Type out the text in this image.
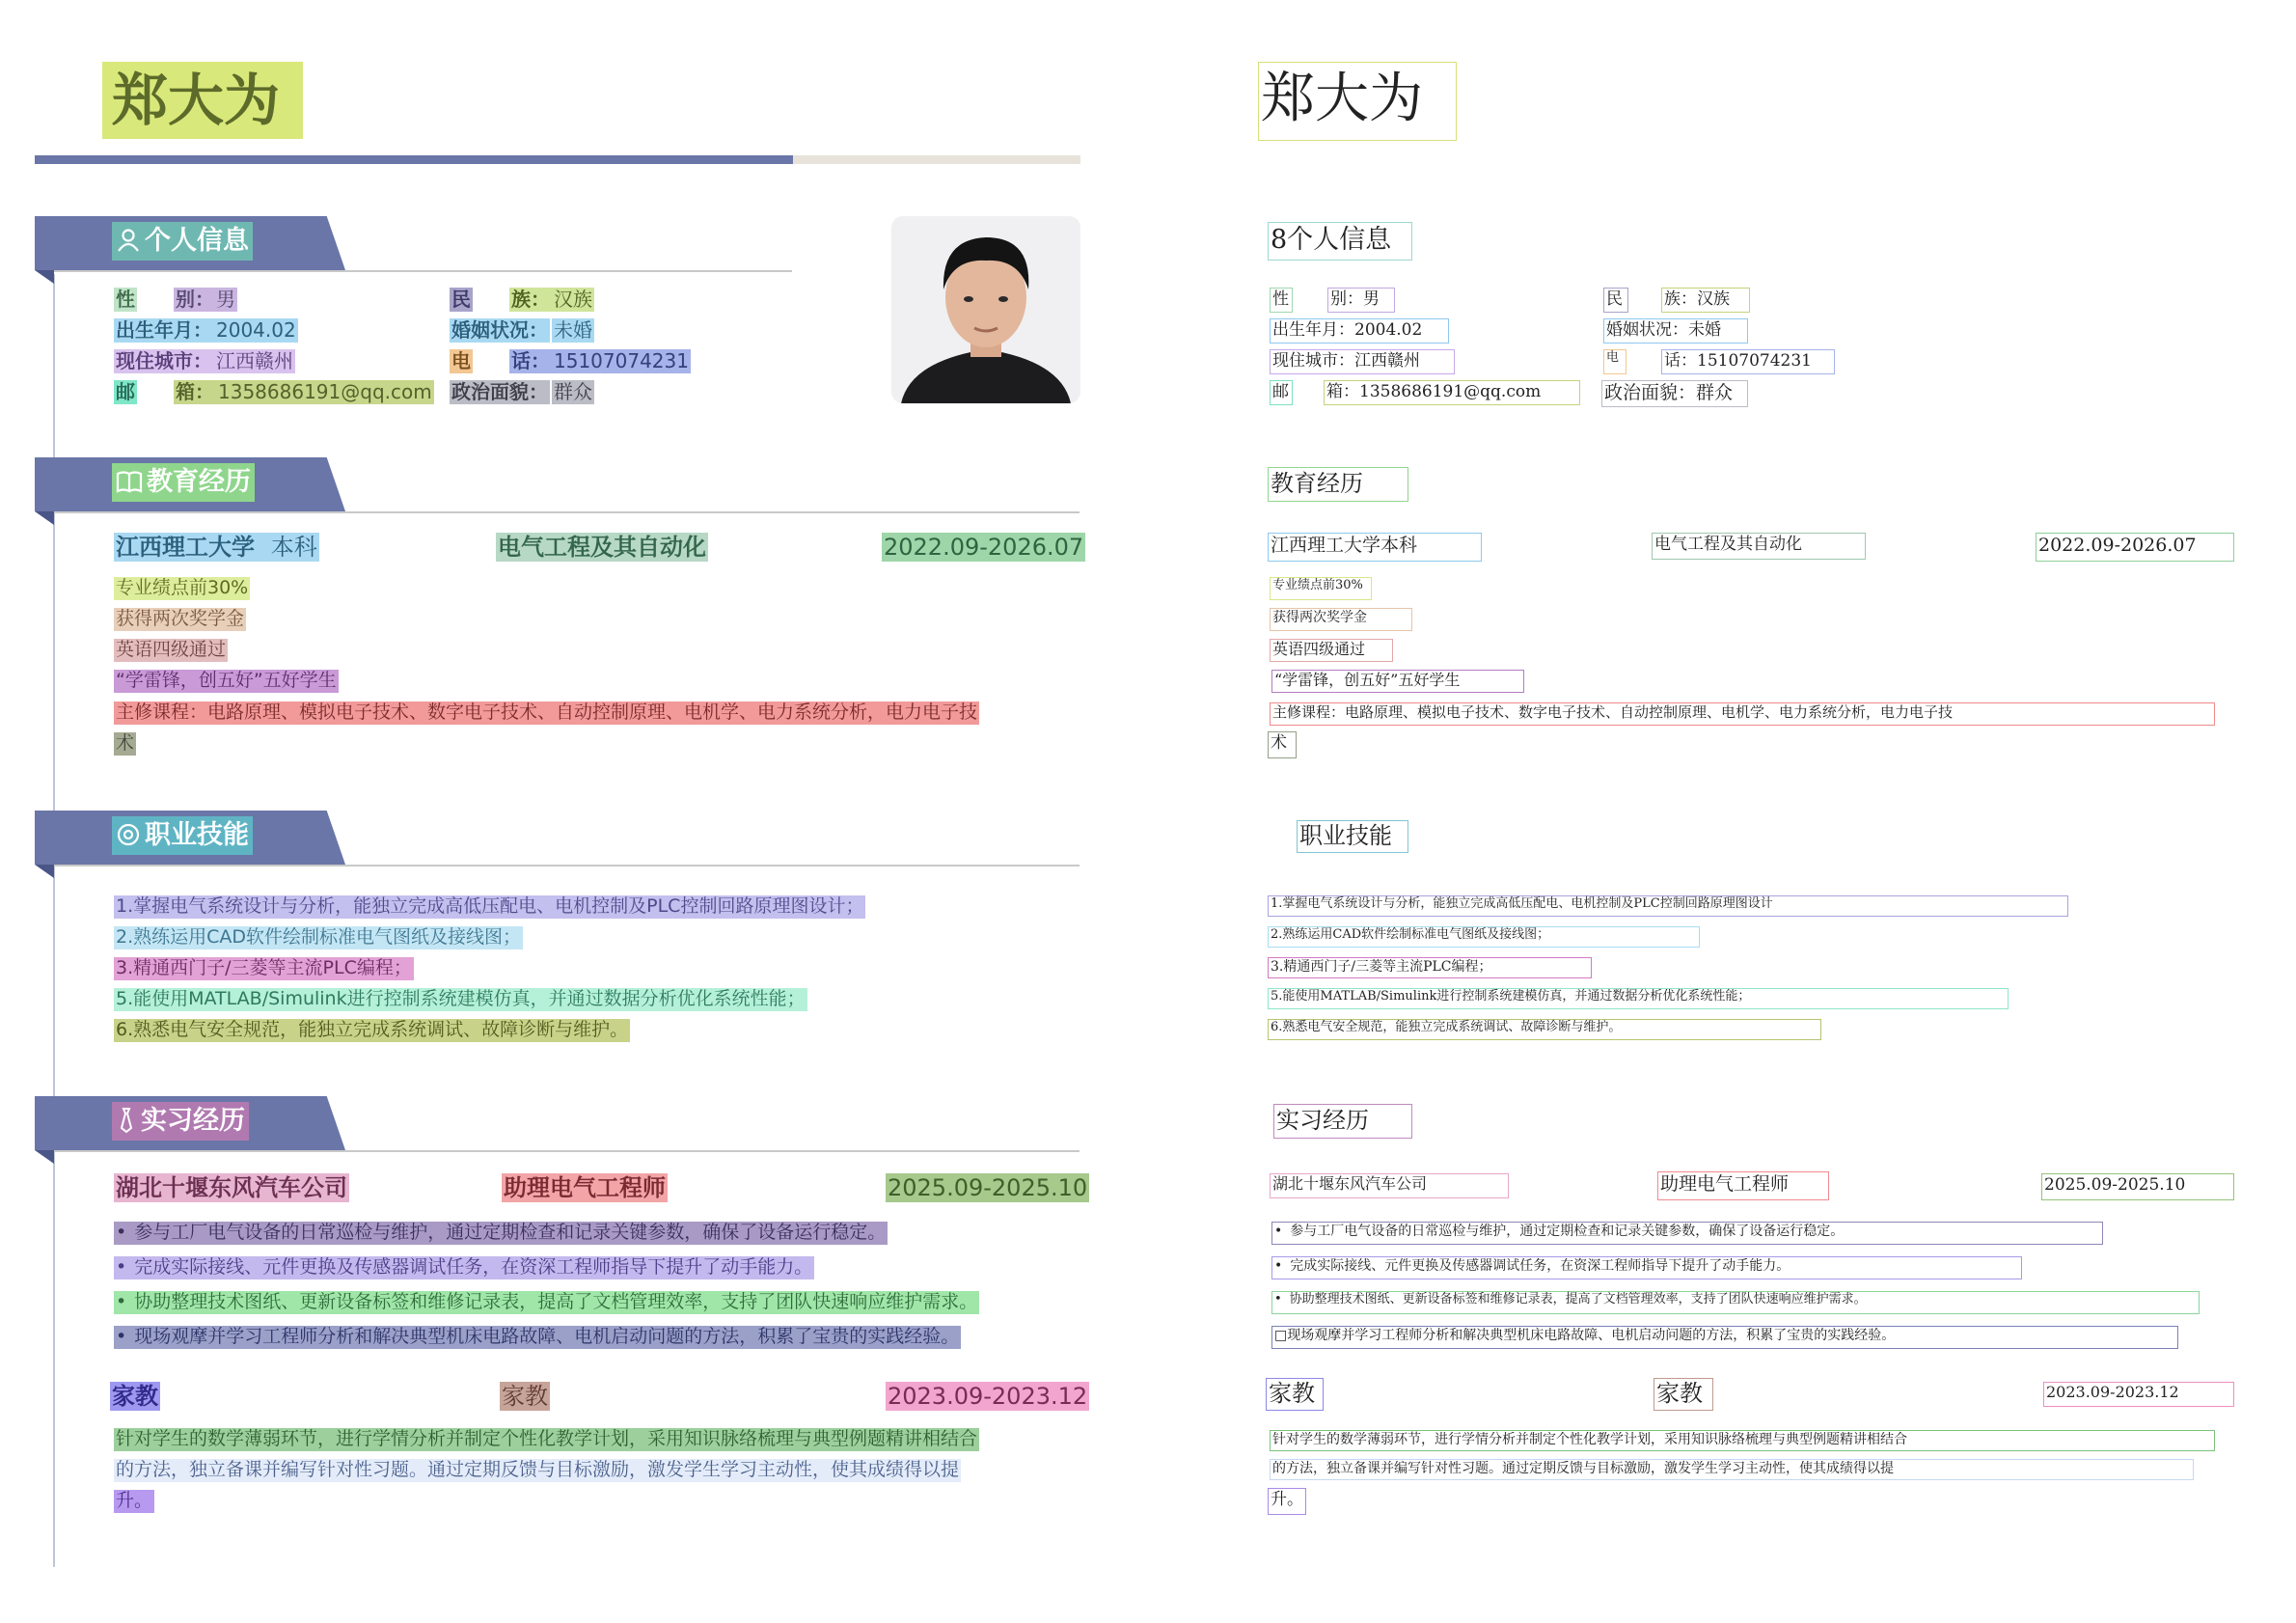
郑大为
个人信息
性 别： 男
出生年月： 2004.02
现住城市： 江西赣州
邮 箱： 1358686191@qq.com
民 族： 汉族
婚姻状况： 未婚
电 话： 15107074231
政治面貌： 群众
教育经历
江西理工大学 本科	电气工程及其自动化	2022.09-2026.07
专业绩点前30%
获得两次奖学金
英语四级通过
“学雷锋，创五好”五好学生
主修课程：电路原理、模拟电子技术、数字电子技术、自动控制原理、电机学、电力系统分析，电力电子技
术
职业技能
1.掌握电气系统设计与分析，能独立完成高低压配电、电机控制及PLC控制回路原理图设计；
2.熟练运用CAD软件绘制标准电气图纸及接线图；
3.精通西门子/三菱等主流PLC编程；
5.能使用MATLAB/Simulink进行控制系统建模仿真，并通过数据分析优化系统性能；
6.熟悉电气安全规范，能独立完成系统调试、故障诊断与维护。
实习经历
湖北十堰东风汽车公司	助理电气工程师	2025.09-2025.10
• 参与工厂电气设备的日常巡检与维护，通过定期检查和记录关键参数，确保了设备运行稳定。
• 完成实际接线、元件更换及传感器调试任务，在资深工程师指导下提升了动手能力。
• 协助整理技术图纸、更新设备标签和维修记录表，提高了文档管理效率，支持了团队快速响应维护需求。
• 现场观摩并学习工程师分析和解决典型机床电路故障、电机启动问题的方法，积累了宝贵的实践经验。
家教	家教	2023.09-2023.12
针对学生的数学薄弱环节，进行学情分析并制定个性化教学计划，采用知识脉络梳理与典型例题精讲相结合
的方法，独立备课并编写针对性习题。通过定期反馈与目标激励，激发学生学习主动性，使其成绩得以提
升。
郑大为
8个人信息
性	别：男
出生年月：2004.02
现住城市：江西赣州
邮 箱：1358686191@qq.com
民	族：汉族
婚姻状况：未婚
电	话：15107074231
政治面貌：群众
教育经历
江西理工大学本科	电气工程及其自动化	2022.09-2026.07
专业绩点前30%
获得两次奖学金
英语四级通过
“学雷锋，创五好”五好学生
主修课程：电路原理、模拟电子技术、数字电子技术、自动控制原理、电机学、电力系统分析，电力电子技
术
职业技能
1.掌握电气系统设计与分析，能独立完成高低压配电、电机控制及PLC控制回路原理图设计
2.熟练运用CAD软件绘制标准电气图纸及接线图；
3.精通西门子/三菱等主流PLC编程；
5.能使用MATLAB/Simulink进行控制系统建模仿真，并通过数据分析优化系统性能；
6.熟悉电气安全规范，能独立完成系统调试、故障诊断与维护。
实习经历
湖北十堰东风汽车公司	助理电气工程师	2025.09-2025.10
• 参与工厂电气设备的日常巡检与维护，通过定期检查和记录关键参数，确保了设备运行稳定。
• 完成实际接线、元件更换及传感器调试任务，在资深工程师指导下提升了动手能力。
• 协助整理技术图纸、更新设备标签和维修记录表，提高了文档管理效率，支持了团队快速响应维护需求。
□现场观摩并学习工程师分析和解决典型机床电路故障、电机启动问题的方法，积累了宝贵的实践经验。
家教	家教	2023.09-2023.12
针对学生的数学薄弱环节，进行学情分析并制定个性化教学计划，采用知识脉络梳理与典型例题精讲相结合
的方法，独立备课并编写针对性习题。通过定期反馈与目标激励，激发学生学习主动性，使其成绩得以提
升。
